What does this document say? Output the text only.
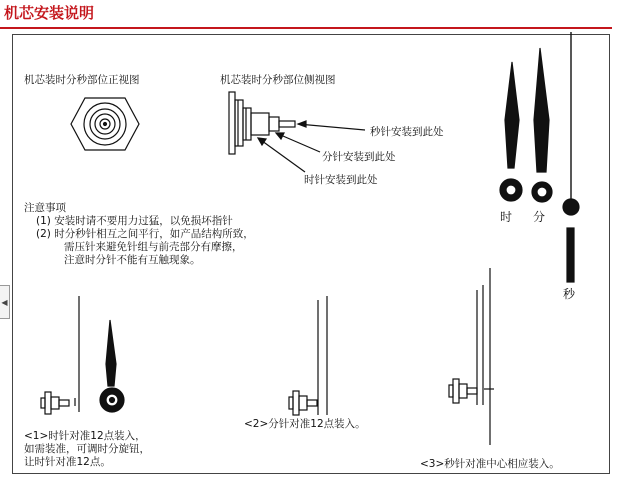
机芯安装说明
◀
机芯装时分秒部位正视图	机芯装时分秒部位侧视图
秒针安装到此处
分针安装到此处
时针安装到此处
时 分
秒
注意事项
(1) 安装时请不要用力过猛，以免损坏指针
(2) 时分秒针相互之间平行，如产品结构所致，
需压针来避免针组与前壳部分有摩擦，
注意时分针不能有互触现象。
<1>时针对准12点装入，
如需装准，可调时分旋钮，
让时针对准12点。
<2>分针对准12点装入。
<3>秒针对准中心相应装入。
